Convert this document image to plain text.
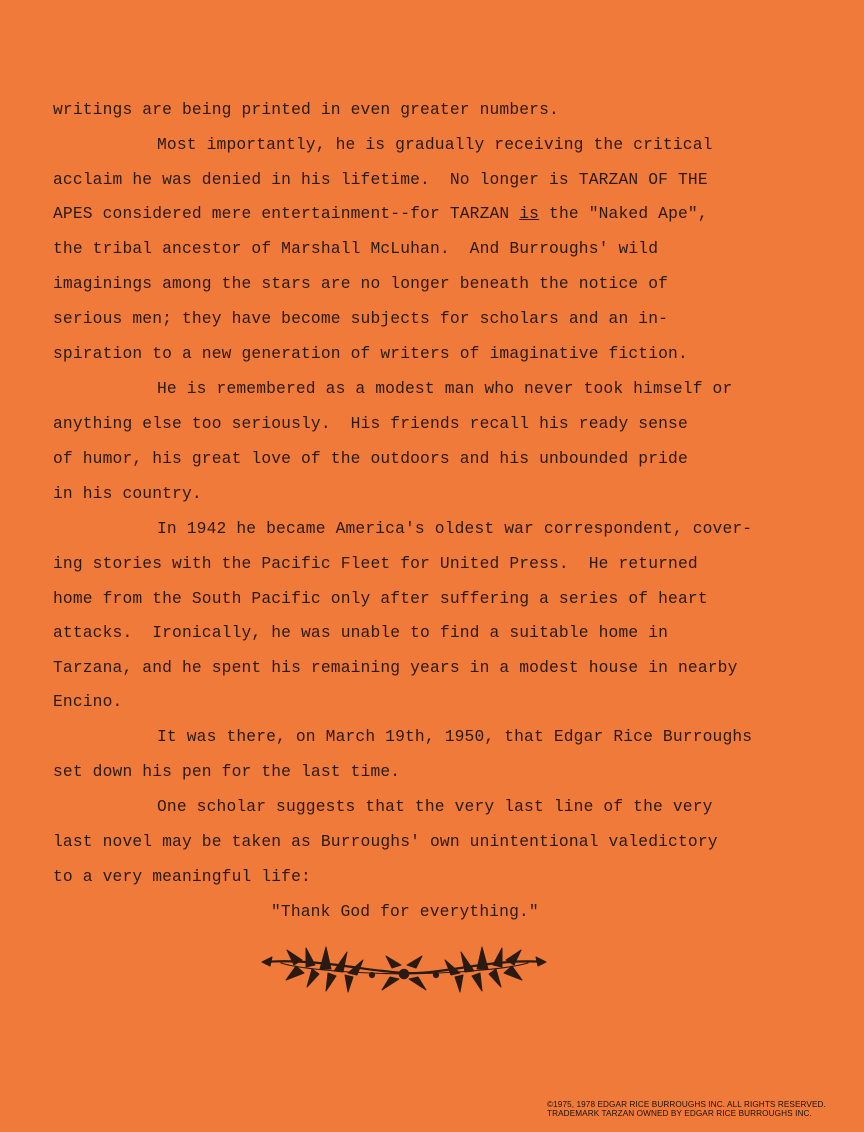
writings are being printed in even greater numbers.
Most importantly, he is gradually receiving the critical
acclaim he was denied in his lifetime.  No longer is TARZAN OF THE
APES considered mere entertainment--for TARZAN is the "Naked Ape",
the tribal ancestor of Marshall McLuhan.  And Burroughs' wild
imaginings among the stars are no longer beneath the notice of
serious men; they have become subjects for scholars and an in-
spiration to a new generation of writers of imaginative fiction.
He is remembered as a modest man who never took himself or
anything else too seriously.  His friends recall his ready sense
of humor, his great love of the outdoors and his unbounded pride
in his country.
In 1942 he became America's oldest war correspondent, cover-
ing stories with the Pacific Fleet for United Press.  He returned
home from the South Pacific only after suffering a series of heart
attacks.  Ironically, he was unable to find a suitable home in
Tarzana, and he spent his remaining years in a modest house in nearby
Encino.
It was there, on March 19th, 1950, that Edgar Rice Burroughs
set down his pen for the last time.
One scholar suggests that the very last line of the very
last novel may be taken as Burroughs' own unintentional valedictory
to a very meaningful life:
"Thank God for everything."
©1975, 1978 EDGAR RICE BURROUGHS INC. ALL RIGHTS RESERVED.
TRADEMARK TARZAN OWNED BY EDGAR RICE BURROUGHS INC.
